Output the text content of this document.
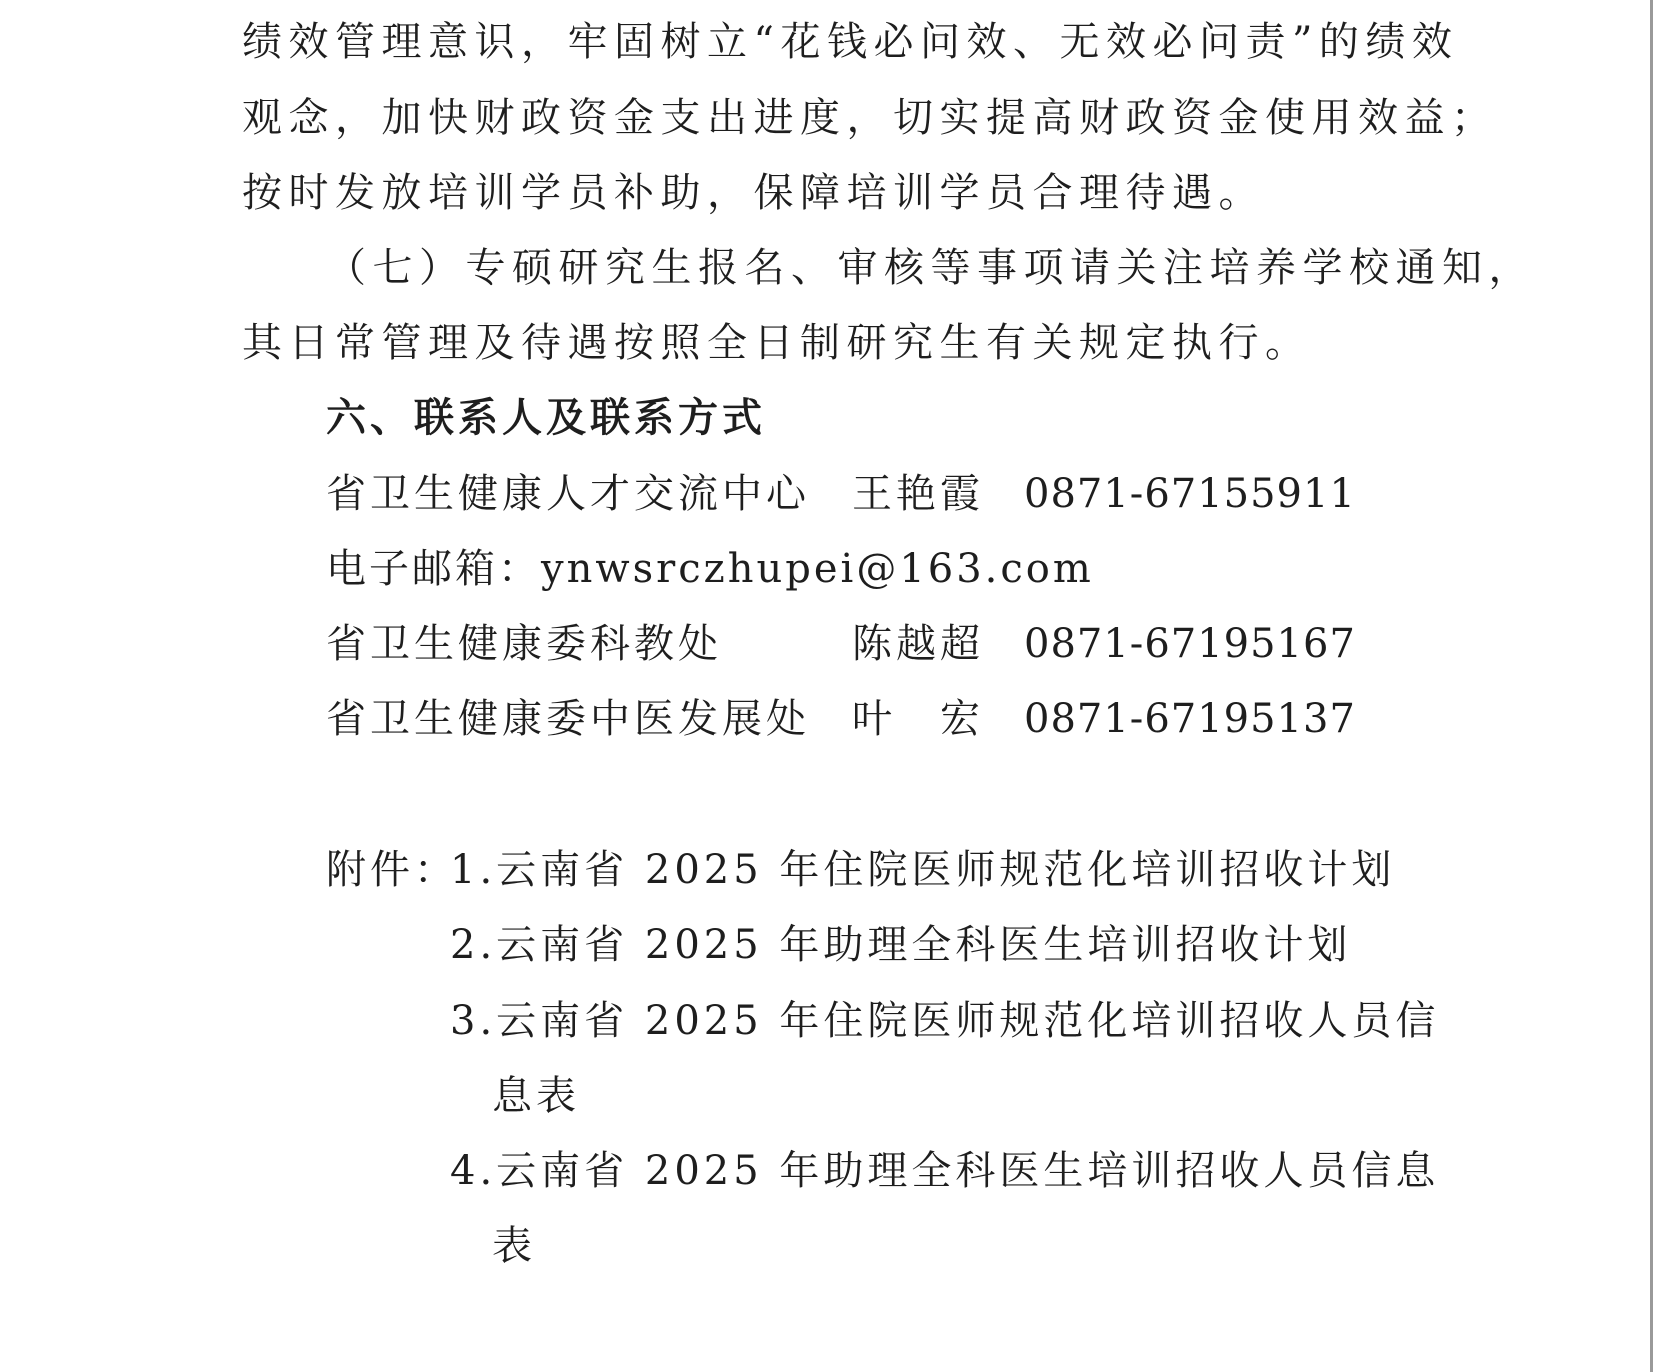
绩效管理意识，牢固树立“花钱必问效、无效必问责”的绩效
观念，加快财政资金支出进度，切实提高财政资金使用效益；
按时发放培训学员补助，保障培训学员合理待遇。
（七）专硕研究生报名、审核等事项请关注培养学校通知，
其日常管理及待遇按照全日制研究生有关规定执行。
六、联系人及联系方式
省卫生健康人才交流中心 王艳霞 0871-67155911
电子邮箱：ynwsrczhupei@163.com
省卫生健康委科教处	陈越超 0871-67195167
省卫生健康委中医发展处 叶　宏 0871-67195137
附件：
1.云南省 2025 年住院医师规范化培训招收计划
2.云南省 2025 年助理全科医生培训招收计划
3.云南省 2025 年住院医师规范化培训招收人员信
息表
4.云南省 2025 年助理全科医生培训招收人员信息
表
